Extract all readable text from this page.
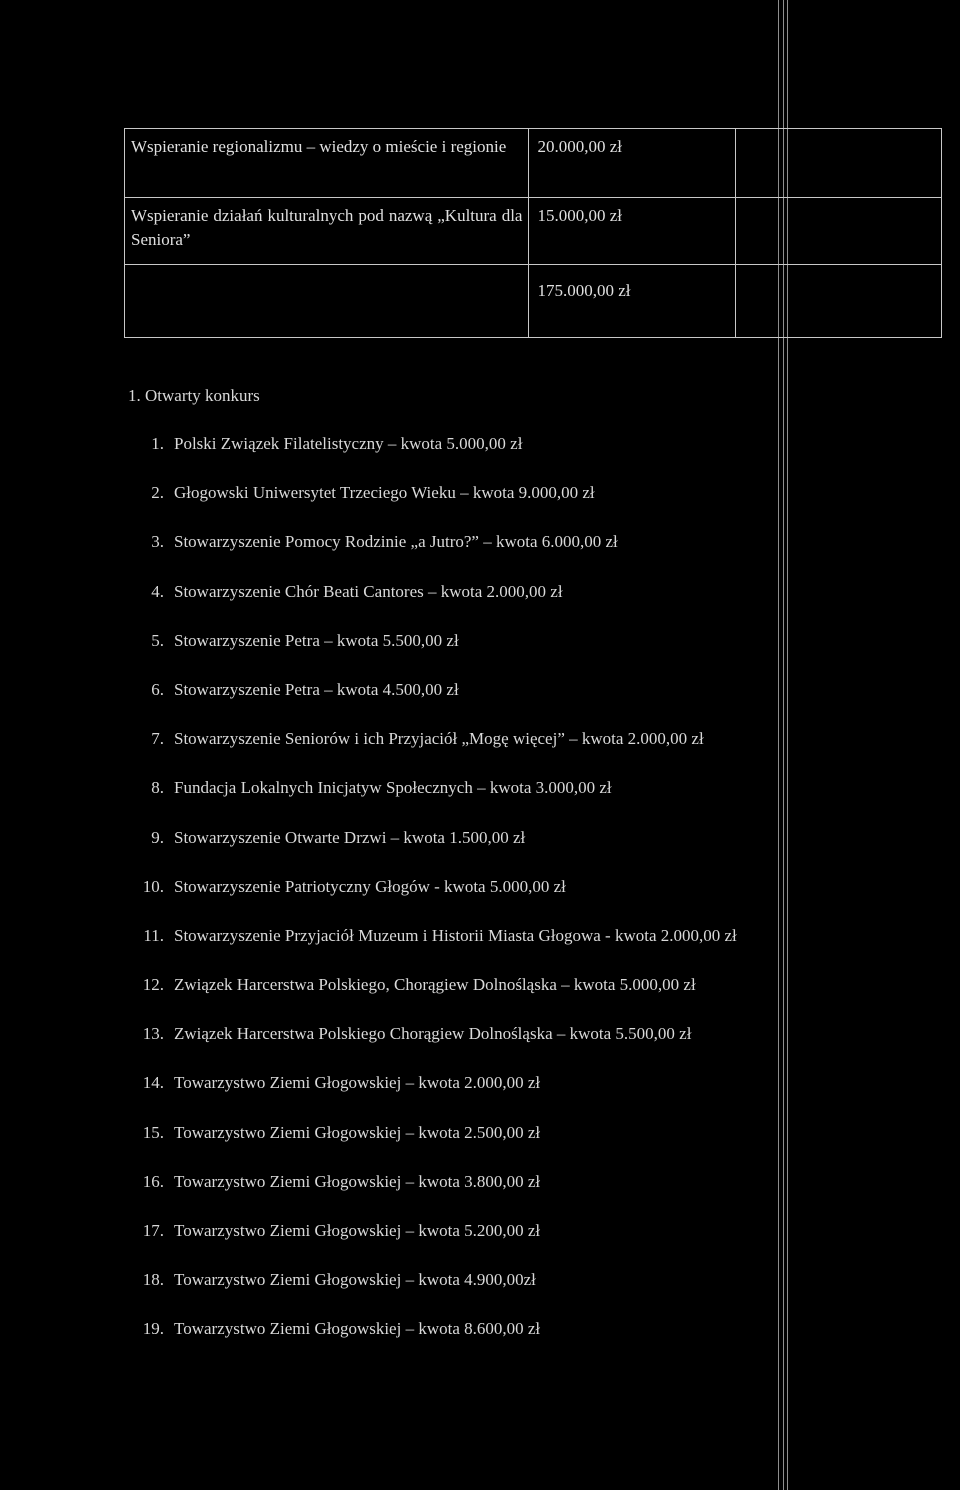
Wspieranie regionalizmu – wiedzy o mieście i regionie	20.000,00 zł	
Wspieranie działań kulturalnych pod nazwą „Kultura dla Seniora”	15.000,00 zł	
	175.000,00 zł	
1. Otwarty konkurs
1. Polski Związek Filatelistyczny – kwota 5.000,00 zł
2. Głogowski Uniwersytet Trzeciego Wieku – kwota 9.000,00 zł
3. Stowarzyszenie Pomocy Rodzinie „a Jutro?” – kwota 6.000,00 zł
4. Stowarzyszenie Chór Beati Cantores – kwota 2.000,00 zł
5. Stowarzyszenie Petra – kwota 5.500,00 zł
6. Stowarzyszenie Petra – kwota 4.500,00 zł
7. Stowarzyszenie Seniorów i ich Przyjaciół „Mogę więcej” – kwota 2.000,00 zł
8. Fundacja Lokalnych Inicjatyw Społecznych – kwota 3.000,00 zł
9. Stowarzyszenie Otwarte Drzwi – kwota 1.500,00 zł
10. Stowarzyszenie Patriotyczny Głogów - kwota 5.000,00 zł
11. Stowarzyszenie Przyjaciół Muzeum i Historii Miasta Głogowa - kwota 2.000,00 zł
12. Związek Harcerstwa Polskiego, Chorągiew Dolnośląska – kwota 5.000,00 zł
13. Związek Harcerstwa Polskiego Chorągiew Dolnośląska – kwota 5.500,00 zł
14. Towarzystwo Ziemi Głogowskiej – kwota 2.000,00 zł
15. Towarzystwo Ziemi Głogowskiej – kwota 2.500,00 zł
16. Towarzystwo Ziemi Głogowskiej – kwota 3.800,00 zł
17. Towarzystwo Ziemi Głogowskiej – kwota 5.200,00 zł
18. Towarzystwo Ziemi Głogowskiej – kwota 4.900,00zł
19. Towarzystwo Ziemi Głogowskiej – kwota 8.600,00 zł
